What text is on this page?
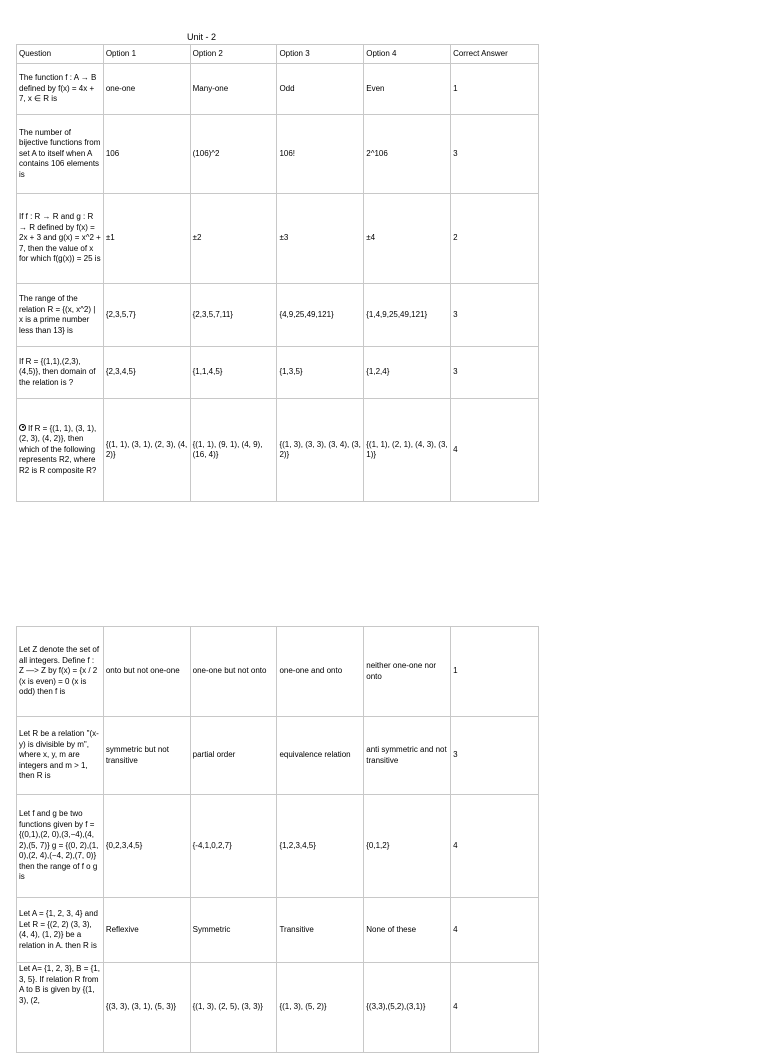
Unit - 2
Question	Option 1	Option 2	Option 3	Option 4	Correct Answer
The function f : A → B defined by f(x) = 4x + 7, x ∈ R is	one-one	Many-one	Odd	Even	1
The number of bijective functions from set A to itself when A contains 106 elements is	106	(106)^2	106!	2^106	3
If f : R → R and g : R → R defined by f(x) = 2x + 3 and g(x) = x^2 + 7, then the value of x for which f(g(x)) = 25 is	±1	±2	±3	±4	2
The range of the relation R = {(x, x^2) | x is a prime number less than 13} is	{2,3,5,7}	{2,3,5,7,11}	{4,9,25,49,121}	{1,4,9,25,49,121}	3
If R = {(1,1),(2,3),(4,5)}, then domain of the relation is ?	{2,3,4,5}	{1,1,4,5}	{1,3,5}	{1,2,4}	3
If R = {(1, 1), (3, 1), (2, 3), (4, 2)}, then which of the following represents R2, where R2 is R composite R?	{(1, 1), (3, 1), (2, 3), (4, 2)}	{(1, 1), (9, 1), (4, 9), (16, 4)}	{(1, 3), (3, 3), (3, 4), (3, 2)}	{(1, 1), (2, 1), (4, 3), (3, 1)}	4
Let Z denote the set of all integers. Define f : Z —> Z by f(x) = {x / 2 (x is even) = 0 (x is odd) then f is	onto but not one-one	one-one but not onto	one-one and onto	neither one-one nor onto	1
Let R be a relation "(x-y) is divisible by m", where x, y, m are integers and m > 1, then R is	symmetric but not transitive	partial order	equivalence relation	anti symmetric and not transitive	3
Let f and g be two functions given by f = {(0,1),(2, 0),(3,−4),(4, 2),(5, 7)} g = {(0, 2),(1, 0),(2, 4),(−4, 2),(7, 0)} then the range of f o g is	{0,2,3,4,5}	{-4,1,0,2,7}	{1,2,3,4,5}	{0,1,2}	4
Let A = {1, 2, 3, 4} and Let R = {(2, 2) (3, 3), (4, 4), (1, 2)} be a relation in A. then R is	Reflexive	Symmetric	Transitive	None of these	4
Let A= {1, 2, 3}, B = {1, 3, 5}. If relation R from A to B is given by {(1, 3), (2,	{(3, 3), (3, 1), (5, 3)}	{(1, 3), (2, 5), (3, 3)}	{(1, 3), (5, 2)}	{(3,3),(5,2),(3,1)}	4
